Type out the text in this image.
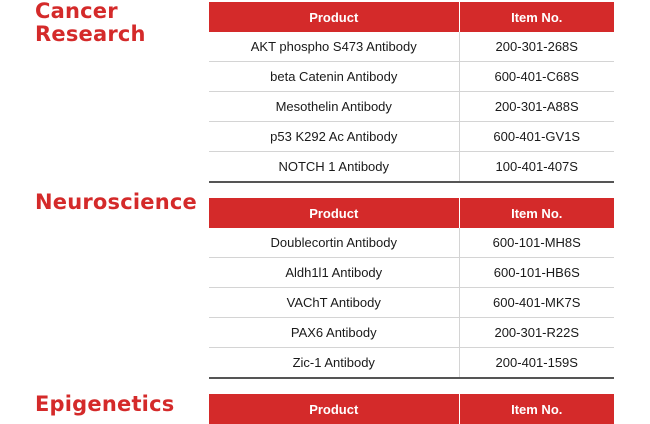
Cancer
Research
Product	Item No.
AKT phospho S473 Antibody	200-301-268S
beta Catenin Antibody	600-401-C68S
Mesothelin Antibody	200-301-A88S
p53 K292 Ac Antibody	600-401-GV1S
NOTCH 1 Antibody	100-401-407S
Neuroscience	Product	Item No.
Doublecortin Antibody	600-101-MH8S
Aldh1l1 Antibody	600-101-HB6S
VAChT Antibody	600-401-MK7S
PAX6 Antibody	200-301-R22S
Zic-1 Antibody	200-401-159S
Epigenetics	Product	Item No.
